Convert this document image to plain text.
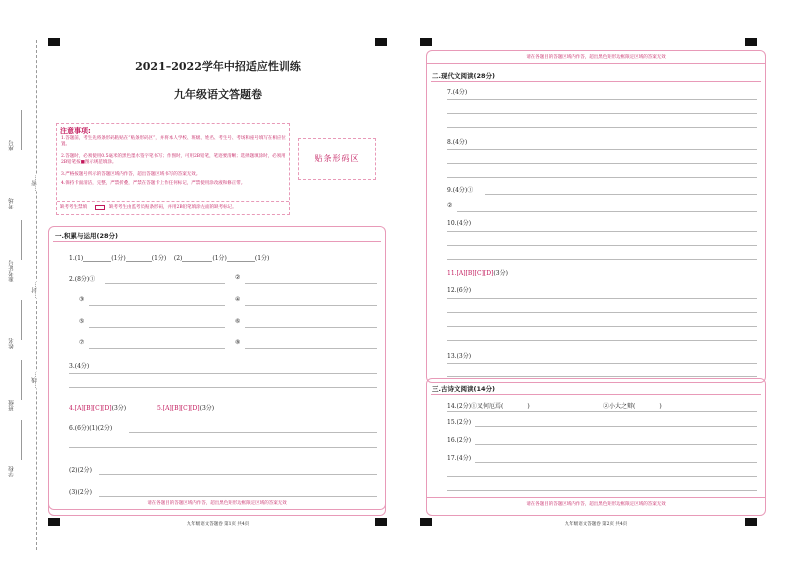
座号
考场
准考证号
姓名
班级
学校
…密…
…封…
…线…
2021–2022学年中招适应性训练
九年级语文答题卷
注意事项:
1.答题前，考生先将条形码粘贴在“贴条形码区”，并将本人学校、班级、姓名、考生号、考场和座号填写在相应位置。
2.答题时，必须使用0.5毫米的黑色墨水签字笔书写；作图时，可用2B铅笔，笔迹要清晰；选择题填涂时，必须用2B铅笔按■图示规范填涂。
3.严格按题号所示的答题区域内作答，超出答题区域书写的答案无效。
4.保持卡面清洁，完整，严禁折叠，严禁在答题卡上作任何标记，严禁使用涂改液和修正带。
缺考考生禁填	缺考考生由监考员贴条形码，并用2B铅笔填涂左面的缺考标记。
贴条形码区
一.积累与运用(28分)
1.(1)	(1分)	(1分) (2)	(1分)	(1分)
2.(8分)①	②
③	④
⑤	⑥
⑦	⑧
3.(4分)
4.[A][B][C][D](3分)	5.[A][B][C][D](3分)
6.(6分)(1)(2分)
(2)(2分)
(3)(2分)
请在各题目的答题区域内作答，超出黑色矩形边框限定区域的答案无效
九年级语文答题卷 第1页 共4页
请在各题目的答题区域内作答，超出黑色矩形边框限定区域的答案无效
二.现代文阅读(28分)
7.(4分)
8.(4分)
9.(4分)①
②
10.(4分)
11.[A][B][C][D](3分)
12.(6分)
13.(3分)
三.古诗文阅读(14分)
14.(2分)①叉何厄焉(	)	②小大之辩(	)
15.(2分)
16.(2分)
17.(4分)
请在各题目的答题区域内作答，超出黑色矩形边框限定区域的答案无效
九年级语文答题卷 第2页 共4页
